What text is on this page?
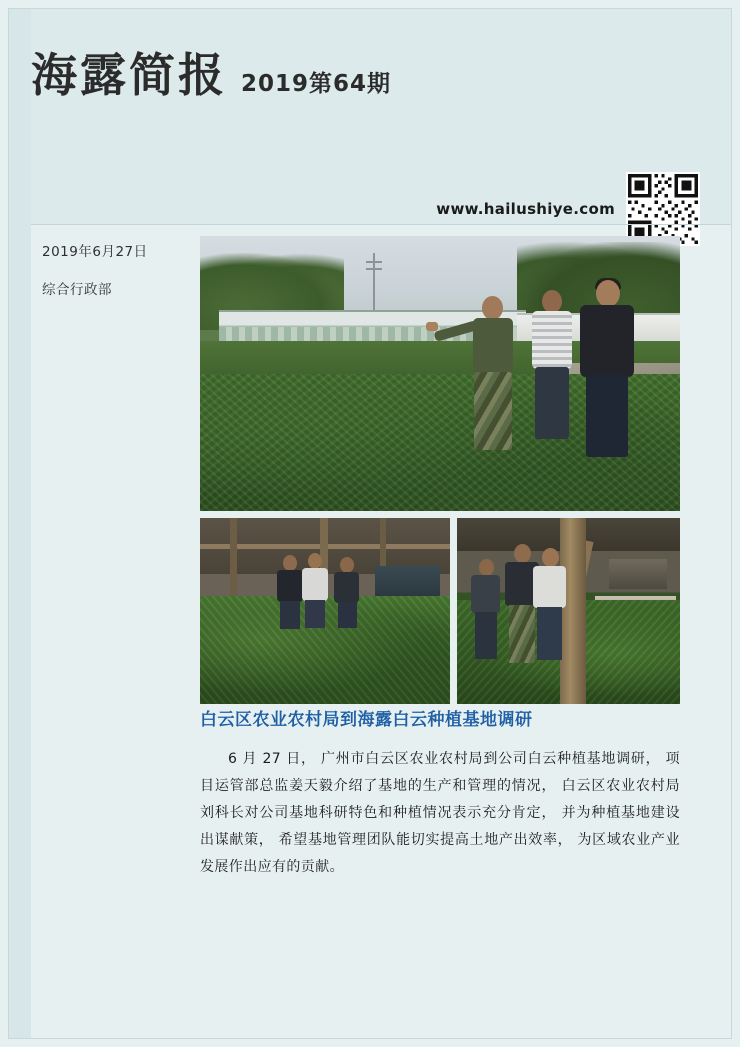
海露简报 2019第64期
www.hailushiye.com
2019年6月27日
综合行政部
白云区农业农村局到海露白云种植基地调研
6 月 27 日， 广州市白云区农业农村局到公司白云种植基地调研， 项目运管部总监姜天毅介绍了基地的生产和管理的情况， 白云区农业农村局刘科长对公司基地科研特色和种植情况表示充分肯定， 并为种植基地建设出谋献策， 希望基地管理团队能切实提高土地产出效率， 为区域农业产业发展作出应有的贡献。
